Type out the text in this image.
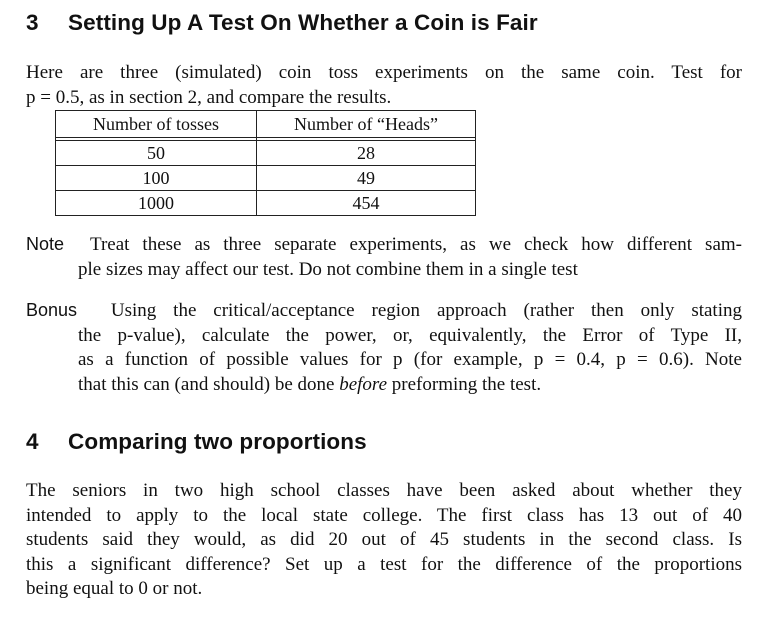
3 Setting Up A Test On Whether a Coin is Fair
Here are three (simulated) coin toss experiments on the same coin. Test for
p = 0.5, as in section 2, and compare the results.
Number of tosses	Number of “Heads”

50	28
100	49
1000	454
Note Treat these as three separate experiments, as we check how different sam-
ple sizes may affect our test. Do not combine them in a single test
Bonus Using the critical/acceptance region approach (rather then only stating
the p-value), calculate the power, or, equivalently, the Error of Type II,
as a function of possible values for p (for example, p = 0.4, p = 0.6). Note
that this can (and should) be done before preforming the test.
4 Comparing two proportions
The seniors in two high school classes have been asked about whether they
intended to apply to the local state college. The first class has 13 out of 40
students said they would, as did 20 out of 45 students in the second class. Is
this a significant difference? Set up a test for the difference of the proportions
being equal to 0 or not.
